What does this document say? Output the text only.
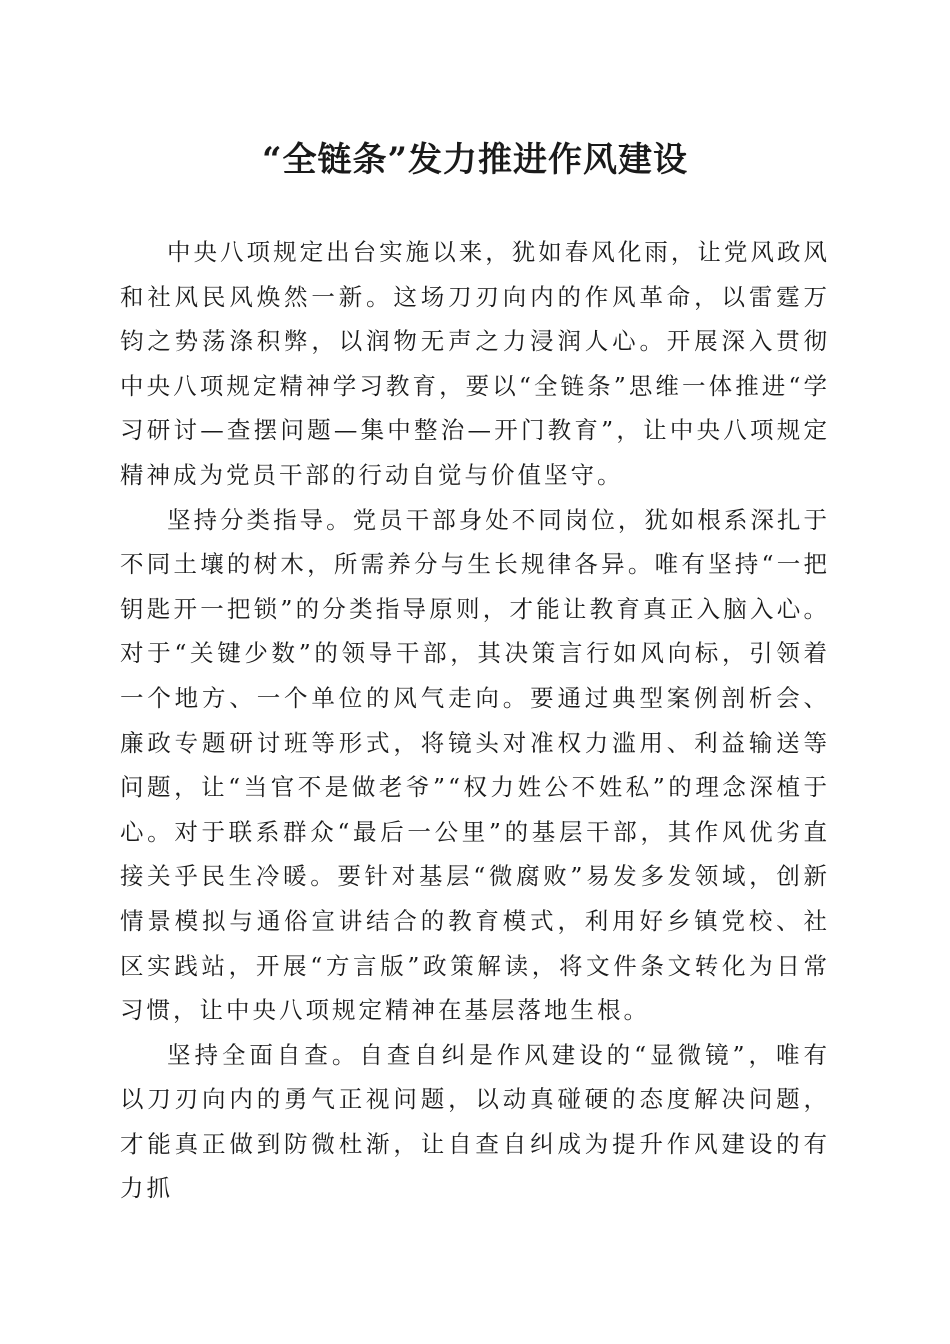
“全链条”发力推进作风建设

中央八项规定出台实施以来，犹如春风化雨，让党风政风和社风民风焕然一新。这场刀刃向内的作风革命，以雷霆万钧之势荡涤积弊，以润物无声之力浸润人心。开展深入贯彻中央八项规定精神学习教育，要以“全链条”思维一体推进“学习研讨—查摆问题—集中整治—开门教育”，让中央八项规定精神成为党员干部的行动自觉与价值坚守。

坚持分类指导。党员干部身处不同岗位，犹如根系深扎于不同土壤的树木，所需养分与生长规律各异。唯有坚持“一把钥匙开一把锁”的分类指导原则，才能让教育真正入脑入心。对于“关键少数”的领导干部，其决策言行如风向标，引领着一个地方、一个单位的风气走向。要通过典型案例剖析会、廉政专题研讨班等形式，将镜头对准权力滥用、利益输送等问题，让“当官不是做老爷”“权力姓公不姓私”的理念深植于心。对于联系群众“最后一公里”的基层干部，其作风优劣直接关乎民生冷暖。要针对基层“微腐败”易发多发领域，创新情景模拟与通俗宣讲结合的教育模式，利用好乡镇党校、社区实践站，开展“方言版”政策解读，将文件条文转化为日常习惯，让中央八项规定精神在基层落地生根。

坚持全面自查。自查自纠是作风建设的“显微镜”，唯有以刀刃向内的勇气正视问题，以动真碰硬的态度解决问题，才能真正做到防微杜渐，让自查自纠成为提升作风建设的有力抓
